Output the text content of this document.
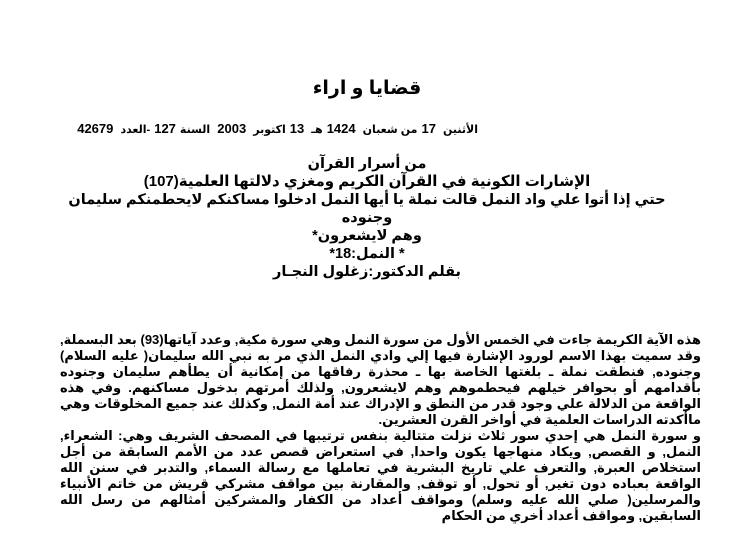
قضايا و اراء
الأثنين 17من شعبان 1424هـ 13اكتوبر 2003 السنة127-العدد 42679
من أسرار القرآن
الإشارات الكونية في القرآن الكريم ومغزي دلالتها العلمية(107)
حتي إذا أتوا علي واد النمل قالت نملة يا أيها النمل ادخلوا مساكنكم لايحطمنكم سليمان وجنوده
وهم لايشعرون*
* النمل:18*
بقلم الدكتور:زغلول النجـار

هذه الآية الكريمة جاءت في الخمس الأول من سورة النمل وهي سورة مكية, وعدد آياتها(93) بعد البسملة, وقد سميت بهذا الاسم لورود الإشارة فيها إلي وادي النمل الذي مر به نبي الله سليمان( عليه السلام) وجنوده, فنطقت نملة ـ بلغتها الخاصة بها ـ محذرة رفاقها من إمكانية أن يطأهم سليمان وجنوده بأقدامهم أو بحوافر خيلهم فيحطموهم وهم لايشعرون, ولذلك أمرتهم بدخول مساكنهم. وفي هذه الواقعة من الدلالة علي وجود قدر من النطق و الإدراك عند أمة النمل, وكذلك عند جميع المخلوقات وهي ماأكدته الدراسات العلمية في أواخر القرن العشرين.

و سورة النمل هي إحدي سور ثلاث نزلت متتالية بنفس ترتيبها في المصحف الشريف وهي: الشعراء, النمل, و القصص, ويكاد منهاجها يكون واحدا, في استعراض قصص عدد من الأمم السابقة من أجل استخلاص العبرة, والتعرف علي تاريخ البشرية في تعاملها مع رسالة السماء, والتدبر في سنن الله الواقعة بعباده دون تغير, أو تحول, أو توقف, والمقارنة بين مواقف مشركي قريش من خاتم الأنبياء والمرسلين( صلي الله عليه وسلم) ومواقف أعداد من الكفار والمشركين أمثالهم من رسل الله السابقين, ومواقف أعداد أخري من الحكام
